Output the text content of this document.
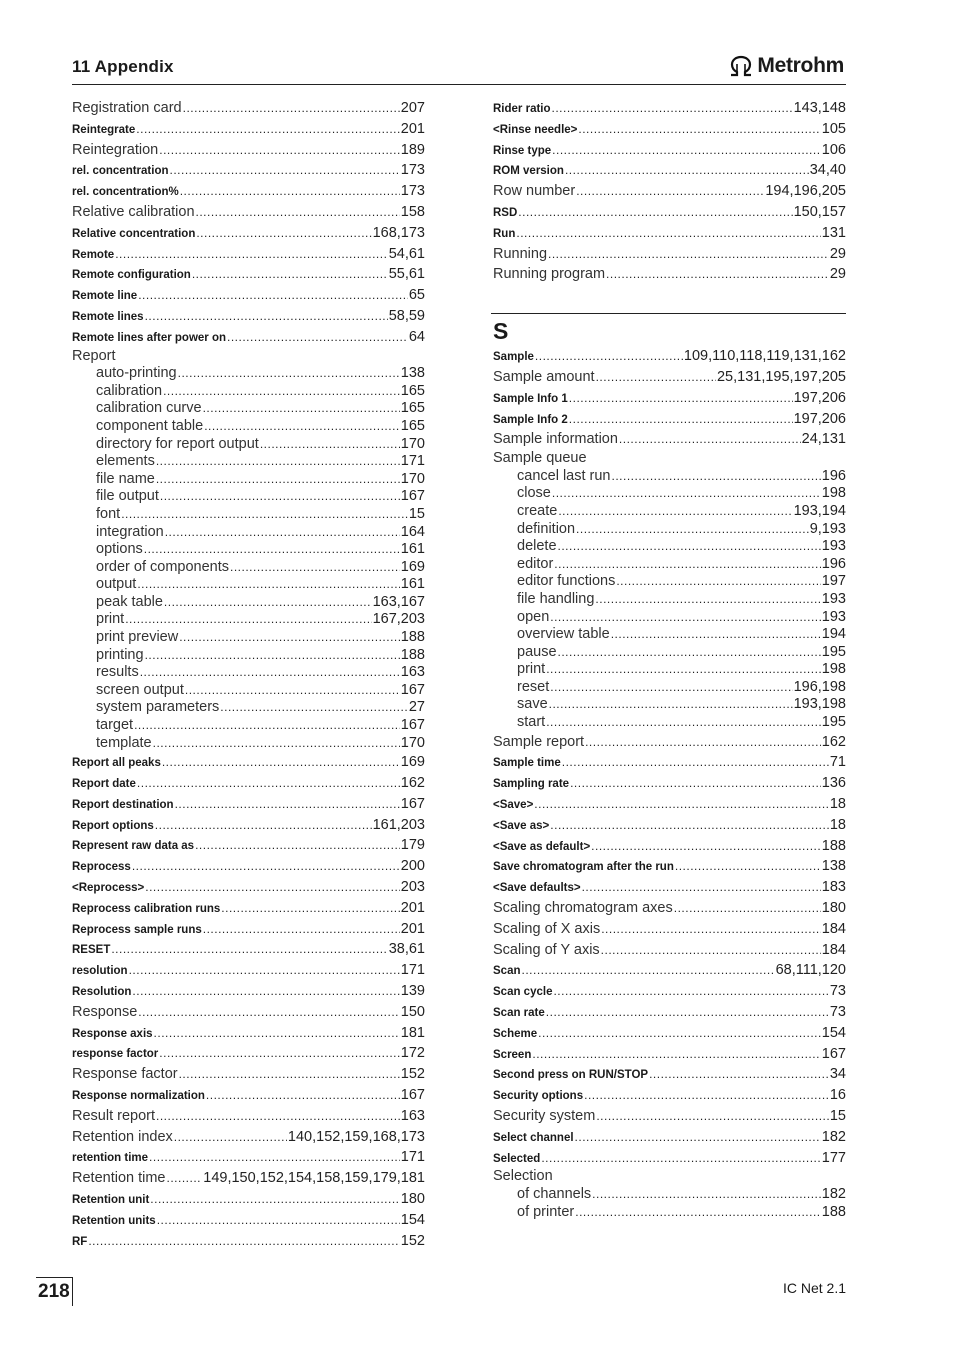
11 Appendix	Metrohm
Registration card .....	207
Reintegrate .....	201
Reintegration .....	189
rel. concentration .....	173
rel. concentration% .....	173
Relative calibration .....	158
Relative concentration .....	168,173
Remote .....	54,61
Remote configuration .....	55,61
Remote line .....	65
Remote lines .....	58,59
Remote lines after power on .....	64
Report
auto-printing .....	138
calibration .....	165
calibration curve .....	165
component table .....	165
directory for report output .....	170
elements .....	171
file name .....	170
file output .....	167
font .....	15
integration .....	164
options .....	161
order of components .....	169
output .....	161
peak table .....	163,167
print .....	167,203
print preview .....	188
printing .....	188
results .....	163
screen output .....	167
system parameters .....	27
target .....	167
template .....	170
Report all peaks .....	169
Report date .....	162
Report destination .....	167
Report options .....	161,203
Represent raw data as .....	179
Reprocess .....	200
<Reprocess> .....	203
Reprocess calibration runs .....	201
Reprocess sample runs .....	201
RESET .....	38,61
resolution .....	171
Resolution .....	139
Response .....	150
Response axis .....	181
response factor .....	172
Response factor .....	152
Response normalization .....	167
Result report .....	163
Retention index .....	140,152,159,168,173
retention time .....	171
Retention time .....	149,150,152,154,158,159,179,181
Retention unit .....	180
Retention units .....	154
RF .....	152
Rider ratio .....	143,148
<Rinse needle> .....	105
Rinse type .....	106
ROM version .....	34,40
Row number .....	194,196,205
RSD .....	150,157
Run .....	131
Running .....	29
Running program .....	29
S
Sample .....	109,110,118,119,131,162
Sample amount .....	25,131,195,197,205
Sample Info 1 .....	197,206
Sample Info 2 .....	197,206
Sample information .....	24,131
Sample queue
cancel last run .....	196
close .....	198
create .....	193,194
definition .....	9,193
delete .....	193
editor .....	196
editor functions .....	197
file handling .....	193
open .....	193
overview table .....	194
pause .....	195
print .....	198
reset .....	196,198
save .....	193,198
start .....	195
Sample report .....	162
Sample time .....	71
Sampling rate .....	136
<Save> .....	18
<Save as> .....	18
<Save as default> .....	188
Save chromatogram after the run .....	138
<Save defaults> .....	183
Scaling chromatogram axes .....	180
Scaling of X axis .....	184
Scaling of Y axis .....	184
Scan .....	68,111,120
Scan cycle .....	73
Scan rate .....	73
Scheme .....	154
Screen .....	167
Second press on RUN/STOP .....	34
Security options .....	16
Security system .....	15
Select channel .....	182
Selected .....	177
Selection
of channels .....	182
of printer .....	188
218	IC Net 2.1
